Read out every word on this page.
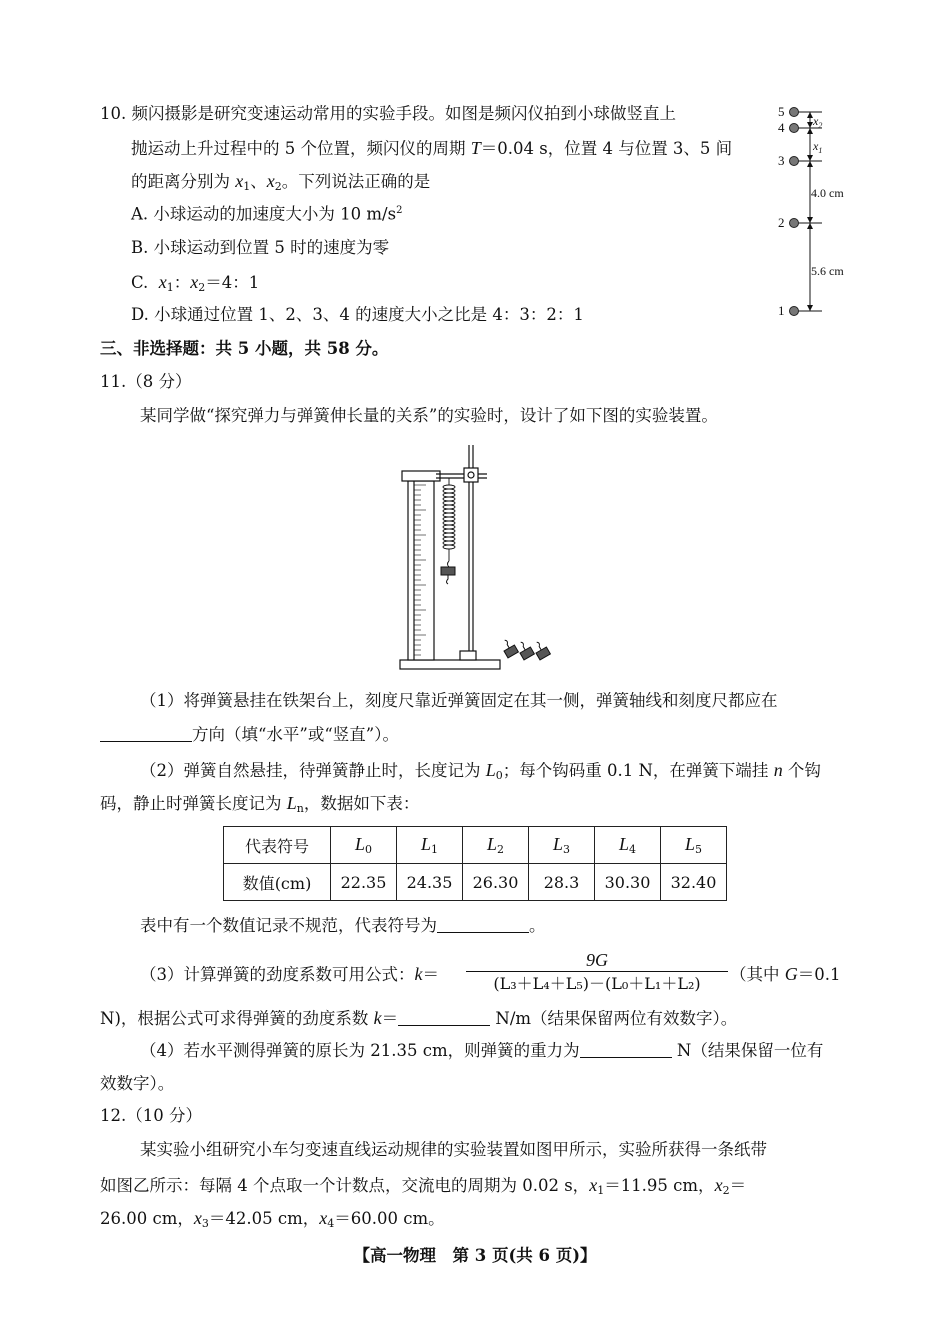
10. 频闪摄影是研究变速运动常用的实验手段。如图是频闪仪拍到小球做竖直上
抛运动上升过程中的 5 个位置，频闪仪的周期 T＝0.04 s，位置 4 与位置 3、5 间
的距离分别为 $x_1$、$x_2$。下列说法正确的是
A. 小球运动的加速度大小为 10 $m/s^2$
B. 小球运动到位置 5 时的速度为零
C.  $x_1$：$x_2=4$：1
D. 小球通过位置 1、2、3、4 的速度大小之比是 4：3：2：1
5
4
3
2
1
$x_2$
$x_1$
4.0 cm
5.6 cm
三、非选择题：共 5 小题，共 58 分。
11.（8 分）
某同学做“探究弹力与弹簧伸长量的关系”的实验时，设计了如下图的实验装置。
（1）将弹簧悬挂在铁架台上，刻度尺靠近弹簧固定在其一侧，弹簧轴线和刻度尺都应在
方向（填“水平”或“竖直”）。
（2）弹簧自然悬挂，待弹簧静止时，长度记为 $L_0$；每个钩码重 0.1 N，在弹簧下端挂 n 个钩
码，静止时弹簧长度记为 $L_n$，数据如下表：
代表符号	$L_0$	$L_1$	$L_2$	$L_3$	$L_4$	$L_5$
数值(cm)	22.35	24.35	26.30	28.3	30.30	32.40
表中有一个数值记录不规范，代表符号为	。
（3）计算弹簧的劲度系数可用公式：k＝
9G
(L₃＋L₄＋L₅)－(L₀＋L₁＋L₂)	（其中 G＝0.1
N)，根据公式可求得弹簧的劲度系数 k＝	N/m（结果保留两位有效数字）。
（4）若水平测得弹簧的原长为 21.35 cm，则弹簧的重力为	N（结果保留一位有
效数字）。
12.（10 分）
某实验小组研究小车匀变速直线运动规律的实验装置如图甲所示，实验所获得一条纸带
如图乙所示：每隔 4 个点取一个计数点，交流电的周期为 0.02 s，$x_1=11.95$ cm，$x_2=$
26.00 cm，$x_3=42.05$ cm，$x_4=60.00$ cm。
【高一物理　第 3 页(共 6 页)】
